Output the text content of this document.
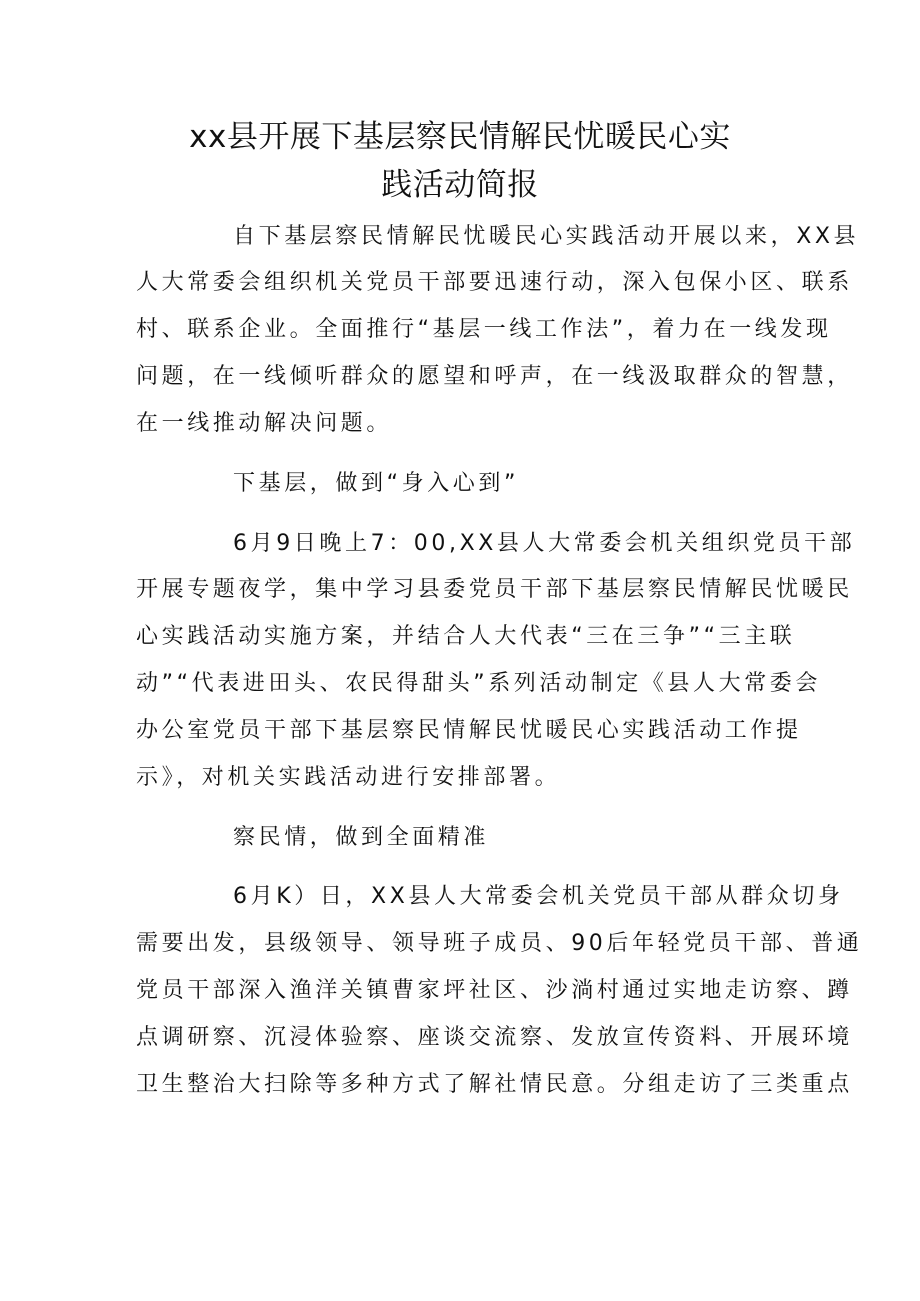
xx县开展下基层察民情解民忧暖民心实
践活动简报

自下基层察民情解民忧暖民心实践活动开展以来，XX县

人大常委会组织机关党员干部要迅速行动，深入包保小区、联系

村、联系企业。全面推行“基层一线工作法”，着力在一线发现

问题，在一线倾听群众的愿望和呼声，在一线汲取群众的智慧，

在一线推动解决问题。

下基层，做到“身入心到”

6月9日晚上7：00,XX县人大常委会机关组织党员干部

开展专题夜学，集中学习县委党员干部下基层察民情解民忧暖民

心实践活动实施方案，并结合人大代表“三在三争”“三主联

动”“代表进田头、农民得甜头”系列活动制定《县人大常委会

办公室党员干部下基层察民情解民忧暖民心实践活动工作提

示》，对机关实践活动进行安排部署。

察民情，做到全面精准

6月K）日，XX县人大常委会机关党员干部从群众切身

需要出发，县级领导、领导班子成员、90后年轻党员干部、普通

党员干部深入渔洋关镇曹家坪社区、沙淌村通过实地走访察、蹲

点调研察、沉浸体验察、座谈交流察、发放宣传资料、开展环境

卫生整治大扫除等多种方式了解社情民意。分组走访了三类重点
